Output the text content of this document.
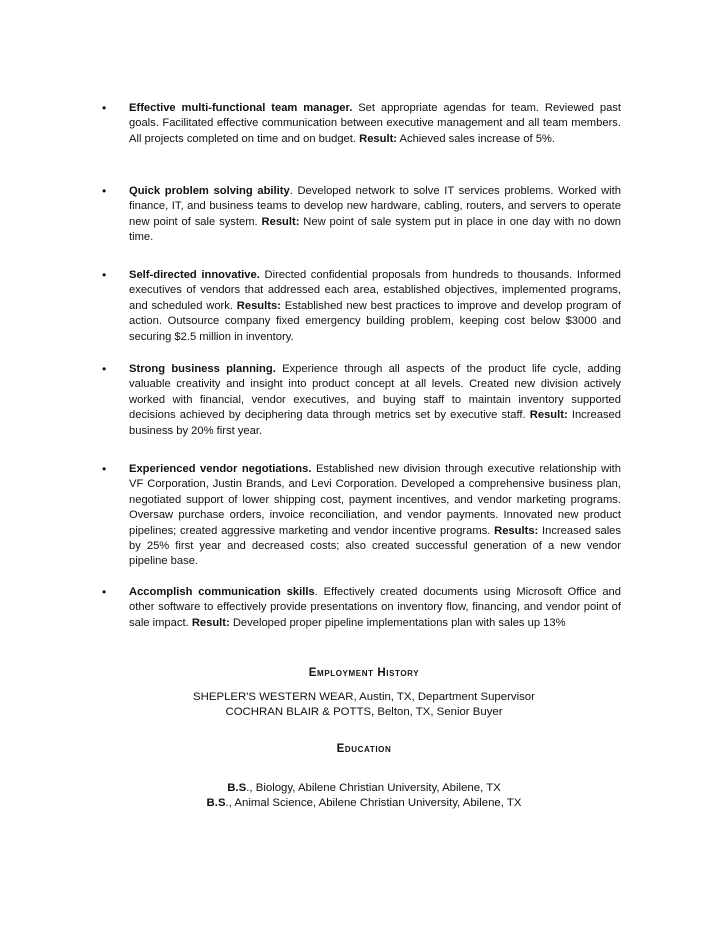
• Effective multi-functional team manager. Set appropriate agendas for team. Reviewed past goals. Facilitated effective communication between executive management and all team members. All projects completed on time and on budget. Result: Achieved sales increase of 5%.
• Quick problem solving ability. Developed network to solve IT services problems. Worked with finance, IT, and business teams to develop new hardware, cabling, routers, and servers to operate new point of sale system. Result: New point of sale system put in place in one day with no down time.
• Self-directed innovative. Directed confidential proposals from hundreds to thousands. Informed executives of vendors that addressed each area, established objectives, implemented programs, and scheduled work. Results: Established new best practices to improve and develop program of action. Outsource company fixed emergency building problem, keeping cost below $3000 and securing $2.5 million in inventory.
• Strong business planning. Experience through all aspects of the product life cycle, adding valuable creativity and insight into product concept at all levels. Created new division actively worked with financial, vendor executives, and buying staff to maintain inventory supported decisions achieved by deciphering data through metrics set by executive staff. Result: Increased business by 20% first year.
• Experienced vendor negotiations. Established new division through executive relationship with VF Corporation, Justin Brands, and Levi Corporation. Developed a comprehensive business plan, negotiated support of lower shipping cost, payment incentives, and vendor marketing programs. Oversaw purchase orders, invoice reconciliation, and vendor payments. Innovated new product pipelines; created aggressive marketing and vendor incentive programs. Results: Increased sales by 25% first year and decreased costs; also created successful generation of a new vendor pipeline base.
• Accomplish communication skills. Effectively created documents using Microsoft Office and other software to effectively provide presentations on inventory flow, financing, and vendor point of sale impact. Result: Developed proper pipeline implementations plan with sales up 13%
Employment History
SHEPLER'S WESTERN WEAR, Austin, TX, Department Supervisor
COCHRAN BLAIR & POTTS, Belton, TX, Senior Buyer
Education
B.S., Biology, Abilene Christian University, Abilene, TX
B.S., Animal Science, Abilene Christian University, Abilene, TX
